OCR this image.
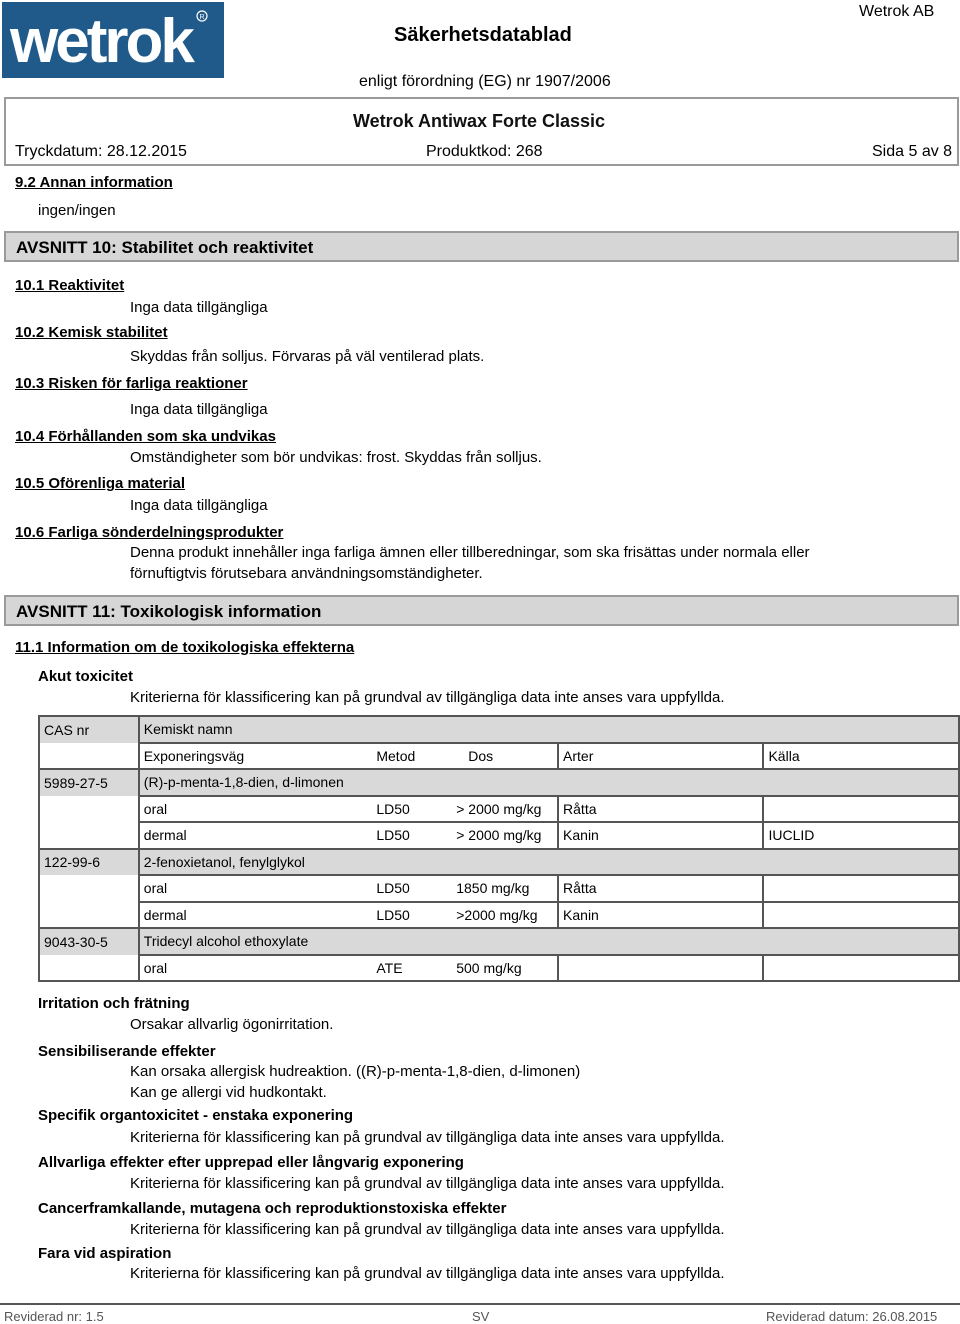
wetrok	R
Säkerhetsdatablad
Wetrok AB
enligt förordning (EG) nr 1907/2006
Wetrok Antiwax Forte Classic
Tryckdatum: 28.12.2015	Produktkod: 268	Sida 5 av 8
9.2 Annan information
ingen/ingen
AVSNITT 10: Stabilitet och reaktivitet
10.1 Reaktivitet
Inga data tillgängliga
10.2 Kemisk stabilitet
Skyddas från solljus. Förvaras på väl ventilerad plats.
10.3 Risken för farliga reaktioner
Inga data tillgängliga
10.4 Förhållanden som ska undvikas
Omständigheter som bör undvikas: frost. Skyddas från solljus.
10.5 Oförenliga material
Inga data tillgängliga
10.6 Farliga sönderdelningsprodukter
Denna produkt innehåller inga farliga ämnen eller tillberedningar, som ska frisättas under normala eller
förnuftigtvis förutsebara användningsomständigheter.
AVSNITT 11: Toxikologisk information
11.1 Information om de toxikologiska effekterna
Akut toxicitet
Kriterierna för klassificering kan på grundval av tillgängliga data inte anses vara uppfyllda.
CAS nr	Kemiskt namn				
	Exponeringsväg	Metod	Dos	Arter	Källa
5989-27-5	(R)-p-menta-1,8-dien, d-limonen				
	oral	LD50	> 2000 mg/kg	Råtta	
	dermal	LD50	> 2000 mg/kg	Kanin	IUCLID
122-99-6	2-fenoxietanol, fenylglykol				
	oral	LD50	1850 mg/kg	Råtta	
	dermal	LD50	>2000 mg/kg	Kanin	
9043-30-5	Tridecyl alcohol ethoxylate				
	oral	ATE	500 mg/kg		
Irritation och frätning
Orsakar allvarlig ögonirritation.
Sensibiliserande effekter
Kan orsaka allergisk hudreaktion. ((R)-p-menta-1,8-dien, d-limonen)
Kan ge allergi vid hudkontakt.
Specifik organtoxicitet - enstaka exponering
Kriterierna för klassificering kan på grundval av tillgängliga data inte anses vara uppfyllda.
Allvarliga effekter efter upprepad eller långvarig exponering
Kriterierna för klassificering kan på grundval av tillgängliga data inte anses vara uppfyllda.
Cancerframkallande, mutagena och reproduktionstoxiska effekter
Kriterierna för klassificering kan på grundval av tillgängliga data inte anses vara uppfyllda.
Fara vid aspiration
Kriterierna för klassificering kan på grundval av tillgängliga data inte anses vara uppfyllda.
Reviderad nr: 1.5	SV	Reviderad datum: 26.08.2015
